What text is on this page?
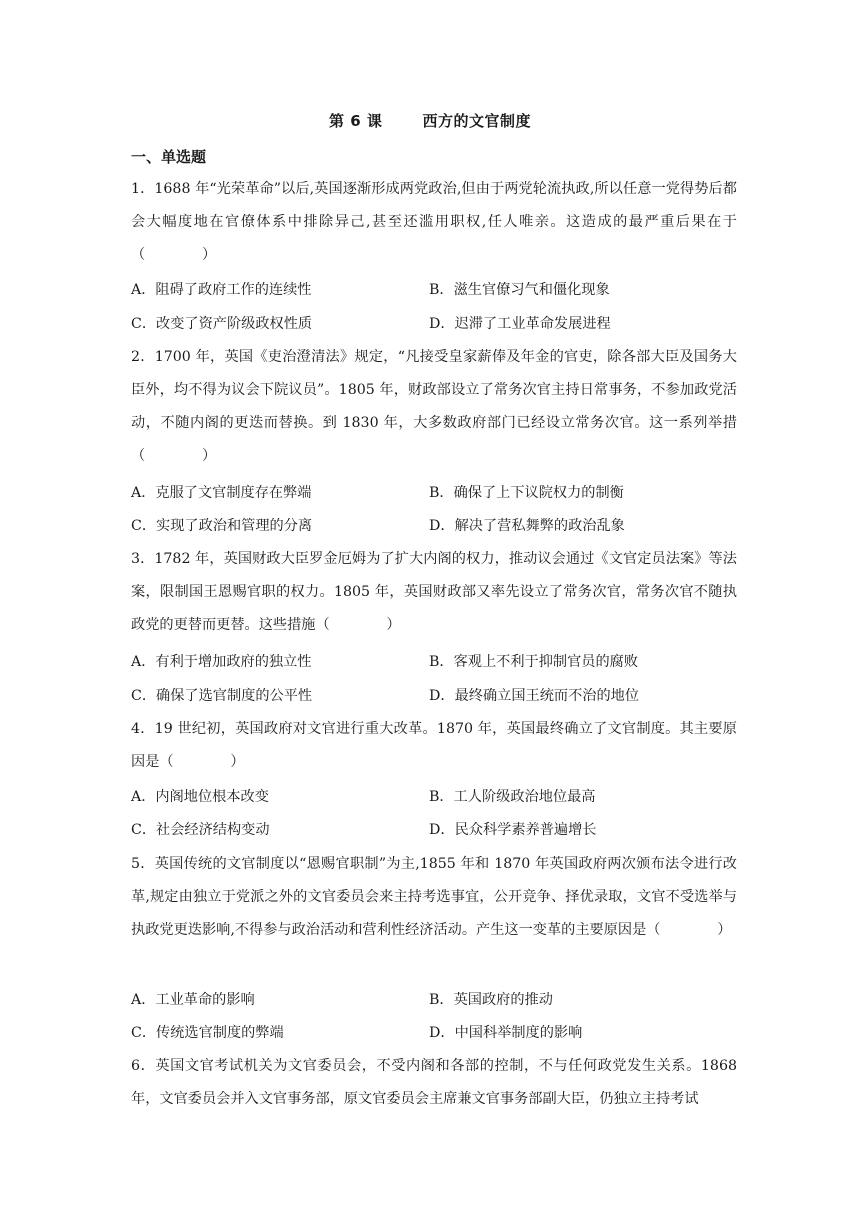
第 6 课	西方的文官制度
一、单选题
1．1688 年“光荣革命”以后,英国逐渐形成两党政治,但由于两党轮流执政,所以任意一党得势后都会大幅度地在官僚体系中排除异己,甚至还滥用职权,任人唯亲。这造成的最严重后果在于（　　　　）
A．阻碍了政府工作的连续性	B．滋生官僚习气和僵化现象
C．改变了资产阶级政权性质	D．迟滞了工业革命发展进程
2．1700 年，英国《吏治澄清法》规定，“凡接受皇家薪俸及年金的官吏，除各部大臣及国务大臣外，均不得为议会下院议员”。1805 年，财政部设立了常务次官主持日常事务，不参加政党活动，不随内阁的更迭而替换。到 1830 年，大多数政府部门已经设立常务次官。这一系列举措（　　　　）
A．克服了文官制度存在弊端	B．确保了上下议院权力的制衡
C．实现了政治和管理的分离	D．解决了营私舞弊的政治乱象
3．1782 年，英国财政大臣罗金厄姆为了扩大内阁的权力，推动议会通过《文官定员法案》等法案，限制国王恩赐官职的权力。1805 年，英国财政部又率先设立了常务次官，常务次官不随执政党的更替而更替。这些措施（　　　　）
A．有利于增加政府的独立性	B．客观上不利于抑制官员的腐败
C．确保了选官制度的公平性	D．最终确立国王统而不治的地位
4．19 世纪初，英国政府对文官进行重大改革。1870 年，英国最终确立了文官制度。其主要原因是（　　　　）
A．内阁地位根本改变	B．工人阶级政治地位最高
C．社会经济结构变动	D．民众科学素养普遍增长
5．英国传统的文官制度以“恩赐官职制”为主,1855 年和 1870 年英国政府两次颁布法令进行改革,规定由独立于党派之外的文官委员会来主持考选事宜，公开竞争、择优录取，文官不受选举与执政党更迭影响,不得参与政治活动和营利性经济活动。产生这一变革的主要原因是（　　　　）
A．工业革命的影响	B．英国政府的推动
C．传统选官制度的弊端	D．中国科举制度的影响
6．英国文官考试机关为文官委员会，不受内阁和各部的控制，不与任何政党发生关系。1868 年，文官委员会并入文官事务部，原文官委员会主席兼文官事务部副大臣，仍独立主持考试
